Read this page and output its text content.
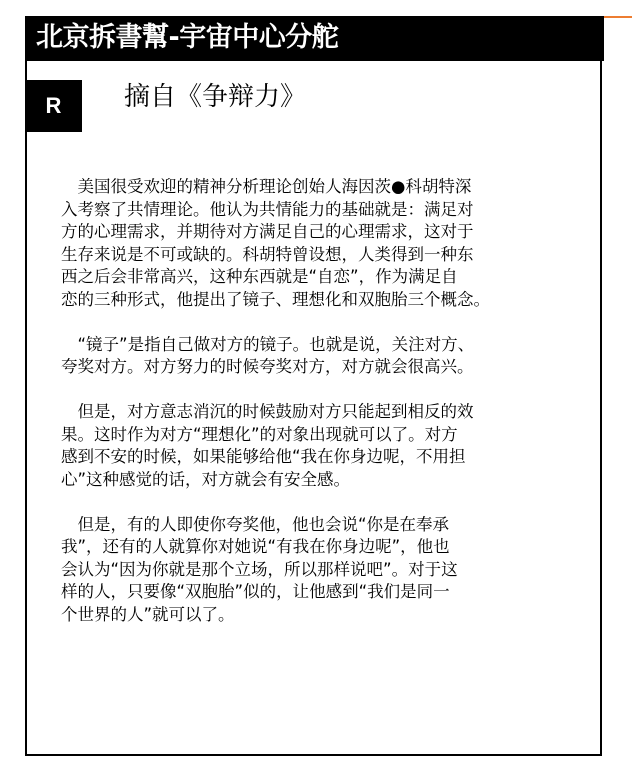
北京拆書幫-宇宙中心分舵
R 摘自《争辩力》

　美国很受欢迎的精神分析理论创始人海因茨●科胡特深
入考察了共情理论。他认为共情能力的基础就是：满足对
方的心理需求，并期待对方满足自己的心理需求，这对于
生存来说是不可或缺的。科胡特曾设想，人类得到一种东
西之后会非常高兴，这种东西就是“自恋”，作为满足自
恋的三种形式，他提出了镜子、理想化和双胞胎三个概念。

　“镜子”是指自己做对方的镜子。也就是说，关注对方、
夸奖对方。对方努力的时候夸奖对方，对方就会很高兴。

　但是，对方意志消沉的时候鼓励对方只能起到相反的效
果。这时作为对方“理想化”的对象出现就可以了。对方
感到不安的时候，如果能够给他“我在你身边呢，不用担
心”这种感觉的话，对方就会有安全感。

　但是，有的人即使你夸奖他，他也会说“你是在奉承
我”，还有的人就算你对她说“有我在你身边呢”，他也
会认为“因为你就是那个立场，所以那样说吧”。对于这
样的人，只要像“双胞胎”似的，让他感到“我们是同一
个世界的人”就可以了。
